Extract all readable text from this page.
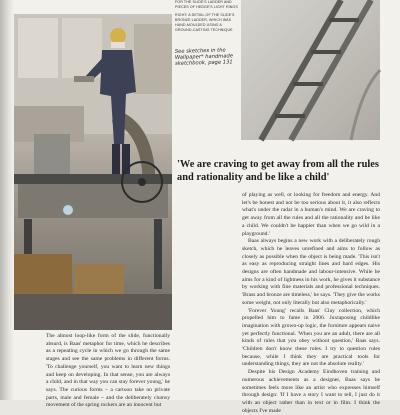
FOR THE SLIDE'S LADDER AND PIECES OF HEDGE'S LIGHT RINGS

RIGHT: A DETAIL OF THE SLIDE'S BRONZE LADDER, WHICH WAS HAND-MOULDED USING A GROUND-CASTING TECHNIQUE

See sketches in the Wallpaper* handmade sketchbook, page 131
'We are craving to get away from all the rules and rationality and be like a child'
The almost loop-like form of the slide, functionally absurd, is Baas' metaphor for time, which he describes as a repeating cycle in which we go through the same stages and see the same problems in different forms. 'To challenge yourself, you want to learn new things and keep on developing. In that sense, you are always a child, and in that way you can stay forever young,' he says. The curious forms – a cartoon take on private parts, male and female – and the deliberately clumsy movement of the spring rockers are an innocent but

of playing as well, or looking for freedom and energy. And let's be honest and not be too serious about it, it also reflects what's under the radar in a human's mind. We are craving to get away from all the rules and all the rationality and be like a child. We couldn't be happier than when we go wild in a playground.'

Baas always begins a new work with a deliberately rough sketch, which he leaves unrefined and aims to follow as closely as possible when the object is being made. 'This isn't as easy as reproducing straight lines and hard edges. His designs are often handmade and labour-intensive. While he aims for a kind of lightness in his work, he gives it substance by working with fine materials and professional techniques. 'Brass and bronze are timeless,' he says. 'They give the works some weight, not only literally but also metaphorically.'

'Forever Young' recalls Baas' Clay collection, which propelled him to fame in 2006. Juxtaposing childlike imagination with grown-up logic, the furniture appears naive yet perfectly functional. 'When you are an adult, there are all kinds of rules that you obey without question,' Baas says. 'Children don't know these rules. I try to question rules because, while I think they are practical tools for understanding things, they are not the absolute reality.'

Despite his Design Academy Eindhoven training and numerous achievements as a designer, Baas says he sometimes feels more like an artist who expresses himself through design: 'If I have a story I want to tell, I just do it with an object rather than in text or in film. I think the objects I've made
